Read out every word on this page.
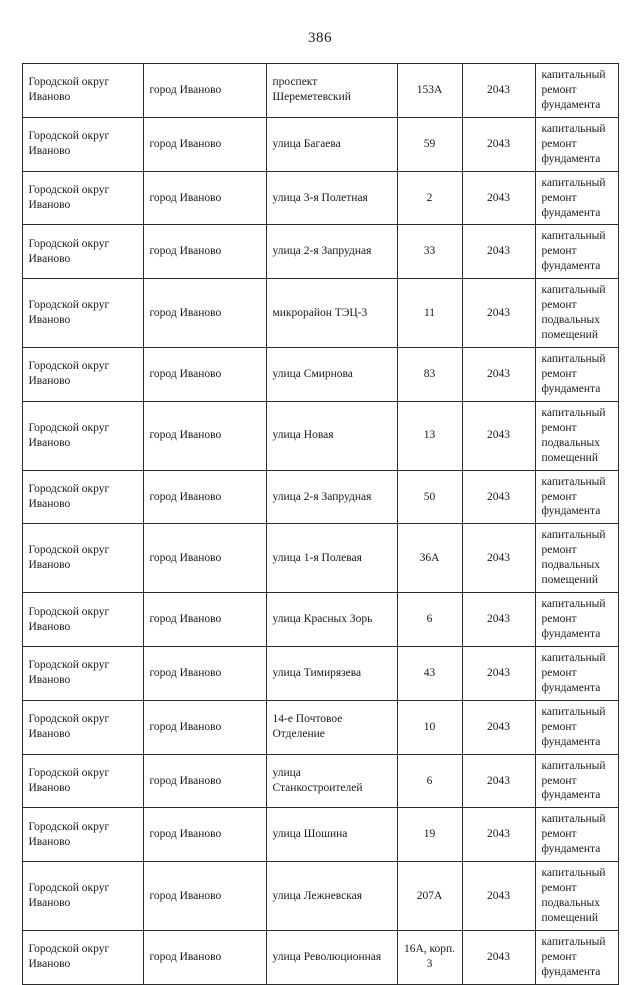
386
Городской округ Иваново	город Иваново	проспект Шереметевский	153А	2043	капитальный ремонт фундамента
Городской округ Иваново	город Иваново	улица Багаева	59	2043	капитальный ремонт фундамента
Городской округ Иваново	город Иваново	улица 3-я Полетная	2	2043	капитальный ремонт фундамента
Городской округ Иваново	город Иваново	улица 2-я Запрудная	33	2043	капитальный ремонт фундамента
Городской округ Иваново	город Иваново	микрорайон ТЭЦ-3	11	2043	капитальный ремонт подвальных помещений
Городской округ Иваново	город Иваново	улица Смирнова	83	2043	капитальный ремонт фундамента
Городской округ Иваново	город Иваново	улица Новая	13	2043	капитальный ремонт подвальных помещений
Городской округ Иваново	город Иваново	улица 2-я Запрудная	50	2043	капитальный ремонт фундамента
Городской округ Иваново	город Иваново	улица 1-я Полевая	36А	2043	капитальный ремонт подвальных помещений
Городской округ Иваново	город Иваново	улица Красных Зорь	6	2043	капитальный ремонт фундамента
Городской округ Иваново	город Иваново	улица Тимирязева	43	2043	капитальный ремонт фундамента
Городской округ Иваново	город Иваново	14-е Почтовое Отделение	10	2043	капитальный ремонт фундамента
Городской округ Иваново	город Иваново	улица Станкостроителей	6	2043	капитальный ремонт фундамента
Городской округ Иваново	город Иваново	улица Шошина	19	2043	капитальный ремонт фундамента
Городской округ Иваново	город Иваново	улица Лежневская	207А	2043	капитальный ремонт подвальных помещений
Городской округ Иваново	город Иваново	улица Революционная	16А, корп. 3	2043	капитальный ремонт фундамента
